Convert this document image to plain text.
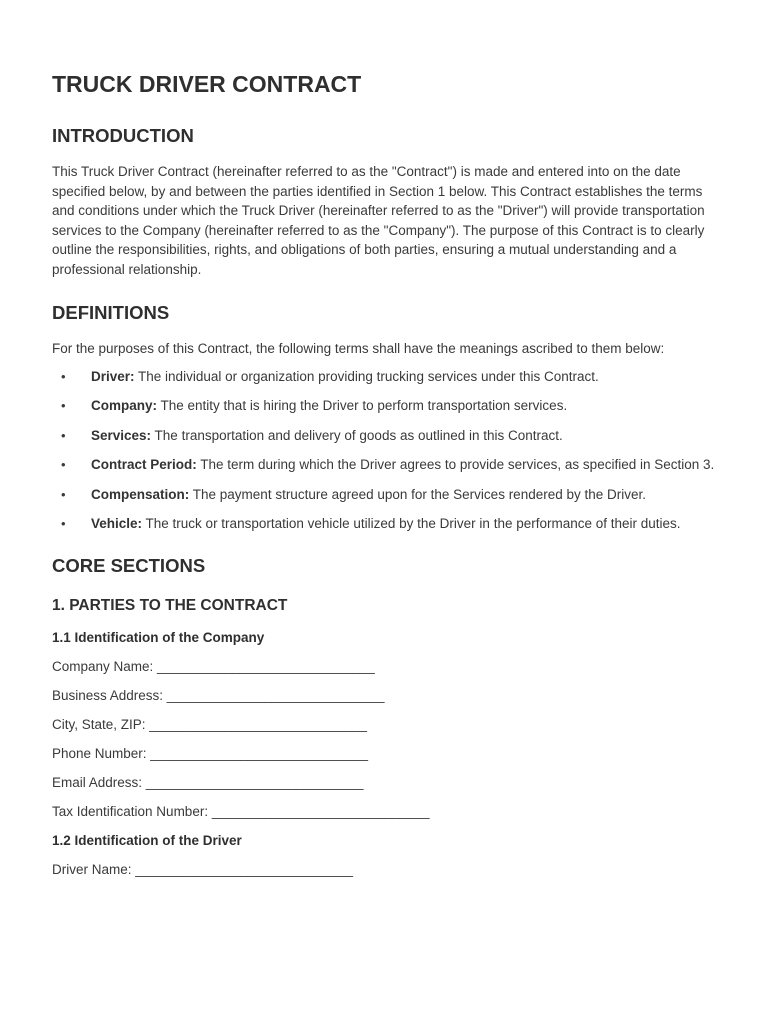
TRUCK DRIVER CONTRACT
INTRODUCTION

This Truck Driver Contract (hereinafter referred to as the "Contract") is made and entered into on the date specified below, by and between the parties identified in Section 1 below. This Contract establishes the terms and conditions under which the Truck Driver (hereinafter referred to as the "Driver") will provide transportation services to the Company (hereinafter referred to as the "Company"). The purpose of this Contract is to clearly outline the responsibilities, rights, and obligations of both parties, ensuring a mutual understanding and a professional relationship.

DEFINITIONS

For the purposes of this Contract, the following terms shall have the meanings ascribed to them below:

• Driver: The individual or organization providing trucking services under this Contract.
• Company: The entity that is hiring the Driver to perform transportation services.
• Services: The transportation and delivery of goods as outlined in this Contract.
• Contract Period: The term during which the Driver agrees to provide services, as specified in Section 3.
• Compensation: The payment structure agreed upon for the Services rendered by the Driver.
• Vehicle: The truck or transportation vehicle utilized by the Driver in the performance of their duties.
CORE SECTIONS
1. PARTIES TO THE CONTRACT
1.1 Identification of the Company

Company Name: _____________________________

Business Address: _____________________________

City, State, ZIP: _____________________________

Phone Number: _____________________________

Email Address: _____________________________

Tax Identification Number: _____________________________

1.2 Identification of the Driver

Driver Name: _____________________________
